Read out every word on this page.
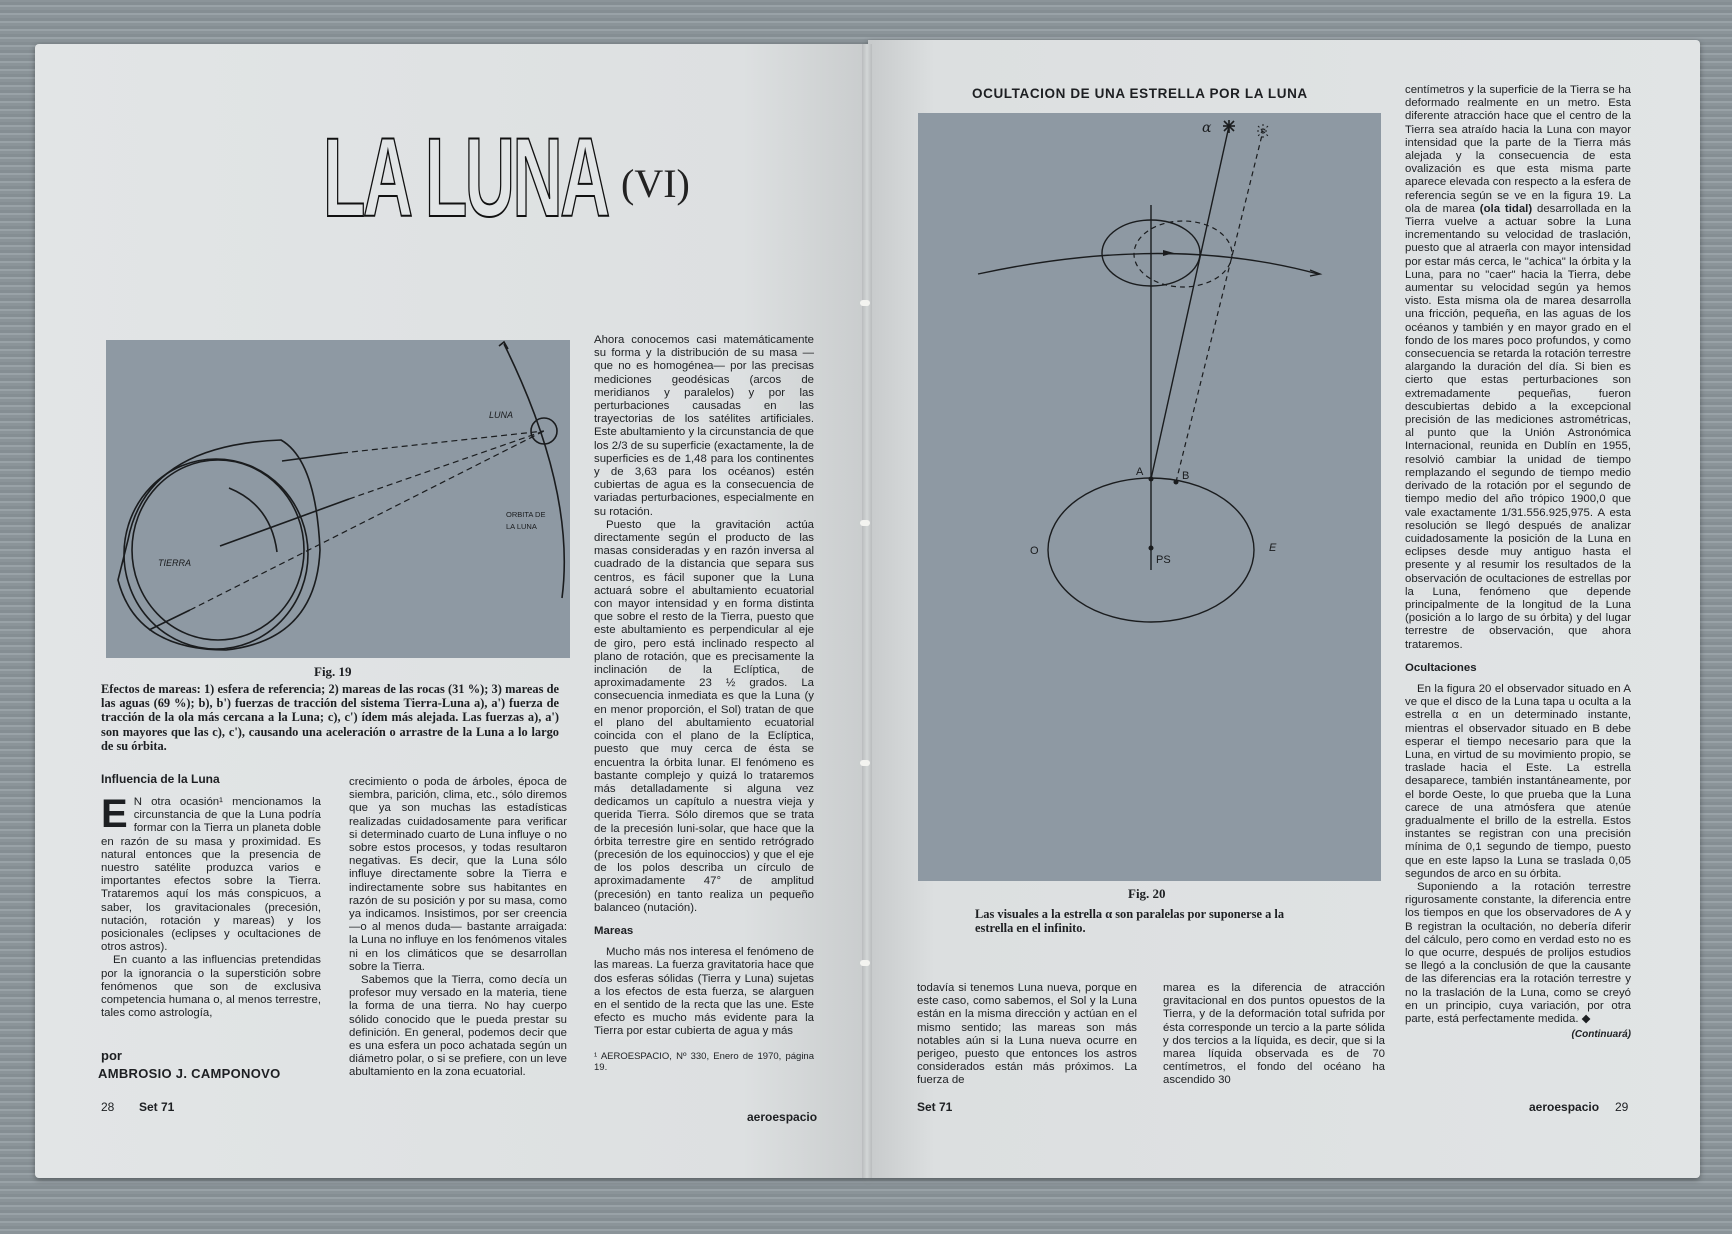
LA LUNA (VI)
LUNA
TIERRA
ORBITA DE
LA LUNA
Fig. 19
Efectos de mareas: 1) esfera de referencia; 2) mareas de las rocas (31 %); 3) mareas de las aguas (69 %); b), b') fuerzas de tracción del sistema Tierra-Luna a), a') fuerza de tracción de la ola más cercana a la Luna; c), c') ídem más alejada. Las fuerzas a), a') son mayores que las c), c'), causando una aceleración o arrastre de la Luna a lo largo de su órbita.
Influencia de la Luna

E N otra ocasión¹ mencionamos la circunstancia de que la Luna podría formar con la Tierra un planeta doble en razón de su masa y proximidad. Es natural entonces que la presencia de nuestro satélite produzca varios e importantes efectos sobre la Tierra. Trataremos aquí los más conspicuos, a saber, los gravitacionales (precesión, nutación, rotación y mareas) y los posicionales (eclipses y ocultaciones de otros astros).

En cuanto a las influencias pretendidas por la ignorancia o la superstición sobre fenómenos que son de exclusiva competencia humana o, al menos terrestre, tales como astrología,

por
AMBROSIO J. CAMPONOVO

crecimiento o poda de árboles, época de siembra, parición, clima, etc., sólo diremos que ya son muchas las estadísticas realizadas cuidadosamente para verificar si determinado cuarto de Luna influye o no sobre estos procesos, y todas resultaron negativas. Es decir, que la Luna sólo influye directamente sobre la Tierra e indirectamente sobre sus habitantes en razón de su posición y por su masa, como ya indicamos. Insistimos, por ser creencia —o al menos duda— bastante arraigada: la Luna no influye en los fenómenos vitales ni en los climáticos que se desarrollan sobre la Tierra.

Sabemos que la Tierra, como decía un profesor muy versado en la materia, tiene la forma de una tierra. No hay cuerpo sólido conocido que le pueda prestar su definición. En general, podemos decir que es una esfera un poco achatada según un diámetro polar, o si se prefiere, con un leve abultamiento en la zona ecuatorial.

Ahora conocemos casi matemáticamente su forma y la distribución de su masa —que no es homogénea— por las precisas mediciones geodésicas (arcos de meridianos y paralelos) y por las perturbaciones causadas en las trayectorias de los satélites artificiales. Este abultamiento y la circunstancia de que los 2/3 de su superficie (exactamente, la de superficies es de 1,48 para los continentes y de 3,63 para los océanos) estén cubiertas de agua es la consecuencia de variadas perturbaciones, especialmente en su rotación.

Puesto que la gravitación actúa directamente según el producto de las masas consideradas y en razón inversa al cuadrado de la distancia que separa sus centros, es fácil suponer que la Luna actuará sobre el abultamiento ecuatorial con mayor intensidad y en forma distinta que sobre el resto de la Tierra, puesto que este abultamiento es perpendicular al eje de giro, pero está inclinado respecto al plano de rotación, que es precisamente la inclinación de la Eclíptica, de aproximadamente 23 ½ grados. La consecuencia inmediata es que la Luna (y en menor proporción, el Sol) tratan de que el plano del abultamiento ecuatorial coincida con el plano de la Eclíptica, puesto que muy cerca de ésta se encuentra la órbita lunar. El fenómeno es bastante complejo y quizá lo trataremos más detalladamente si alguna vez dedicamos un capítulo a nuestra vieja y querida Tierra. Sólo diremos que se trata de la precesión luni-solar, que hace que la órbita terrestre gire en sentido retrógrado (precesión de los equinoccios) y que el eje de los polos describa un círculo de aproximadamente 47° de amplitud (precesión) en tanto realiza un pequeño balanceo (nutación).

Mareas

Mucho más nos interesa el fenómeno de las mareas. La fuerza gravitatoria hace que dos esferas sólidas (Tierra y Luna) sujetas a los efectos de esta fuerza, se alarguen en el sentido de la recta que las une. Este efecto es mucho más evidente para la Tierra por estar cubierta de agua y más

¹ AEROESPACIO, Nº 330, Enero de 1970, página 19.

28 Set 71
aeroespacio
OCULTACION DE UNA ESTRELLA POR LA LUNA
α
A	B
O	E
PS
Fig. 20
Las visuales a la estrella α son paralelas por suponerse a la estrella en el infinito.

todavía si tenemos Luna nueva, porque en este caso, como sabemos, el Sol y la Luna están en la misma dirección y actúan en el mismo sentido; las mareas son más notables aún si la Luna nueva ocurre en perigeo, puesto que entonces los astros considerados están más próximos. La fuerza de

marea es la diferencia de atracción gravitacional en dos puntos opuestos de la Tierra, y de la deformación total sufrida por ésta corresponde un tercio a la parte sólida y dos tercios a la líquida, es decir, que si la marea líquida observada es de 70 centímetros, el fondo del océano ha ascendido 30

centímetros y la superficie de la Tierra se ha deformado realmente en un metro. Esta diferente atracción hace que el centro de la Tierra sea atraído hacia la Luna con mayor intensidad que la parte de la Tierra más alejada y la consecuencia de esta ovalización es que esta misma parte aparece elevada con respecto a la esfera de referencia según se ve en la figura 19. La ola de marea (ola tidal) desarrollada en la Tierra vuelve a actuar sobre la Luna incrementando su velocidad de traslación, puesto que al atraerla con mayor intensidad por estar más cerca, le "achica" la órbita y la Luna, para no "caer" hacia la Tierra, debe aumentar su velocidad según ya hemos visto. Esta misma ola de marea desarrolla una fricción, pequeña, en las aguas de los océanos y también y en mayor grado en el fondo de los mares poco profundos, y como consecuencia se retarda la rotación terrestre alargando la duración del día. Si bien es cierto que estas perturbaciones son extremadamente pequeñas, fueron descubiertas debido a la excepcional precisión de las mediciones astrométricas, al punto que la Unión Astronómica Internacional, reunida en Dublín en 1955, resolvió cambiar la unidad de tiempo remplazando el segundo de tiempo medio derivado de la rotación por el segundo de tiempo medio del año trópico 1900,0 que vale exactamente 1/31.556.925,975. A esta resolución se llegó después de analizar cuidadosamente la posición de la Luna en eclipses desde muy antiguo hasta el presente y al resumir los resultados de la observación de ocultaciones de estrellas por la Luna, fenómeno que depende principalmente de la longitud de la Luna (posición a lo largo de su órbita) y del lugar terrestre de observación, que ahora trataremos.

Ocultaciones

En la figura 20 el observador situado en A ve que el disco de la Luna tapa u oculta a la estrella α en un determinado instante, mientras el observador situado en B debe esperar el tiempo necesario para que la Luna, en virtud de su movimiento propio, se traslade hacia el Este. La estrella desaparece, también instantáneamente, por el borde Oeste, lo que prueba que la Luna carece de una atmósfera que atenúe gradualmente el brillo de la estrella. Estos instantes se registran con una precisión mínima de 0,1 segundo de tiempo, puesto que en este lapso la Luna se traslada 0,05 segundos de arco en su órbita.

Suponiendo a la rotación terrestre rigurosamente constante, la diferencia entre los tiempos en que los observadores de A y B registran la ocultación, no debería diferir del cálculo, pero como en verdad esto no es lo que ocurre, después de prolijos estudios se llegó a la conclusión de que la causante de las diferencias era la rotación terrestre y no la traslación de la Luna, como se creyó en un principio, cuya variación, por otra parte, está perfectamente medida. ◆

(Continuará)

Set 71	aeroespacio 29
